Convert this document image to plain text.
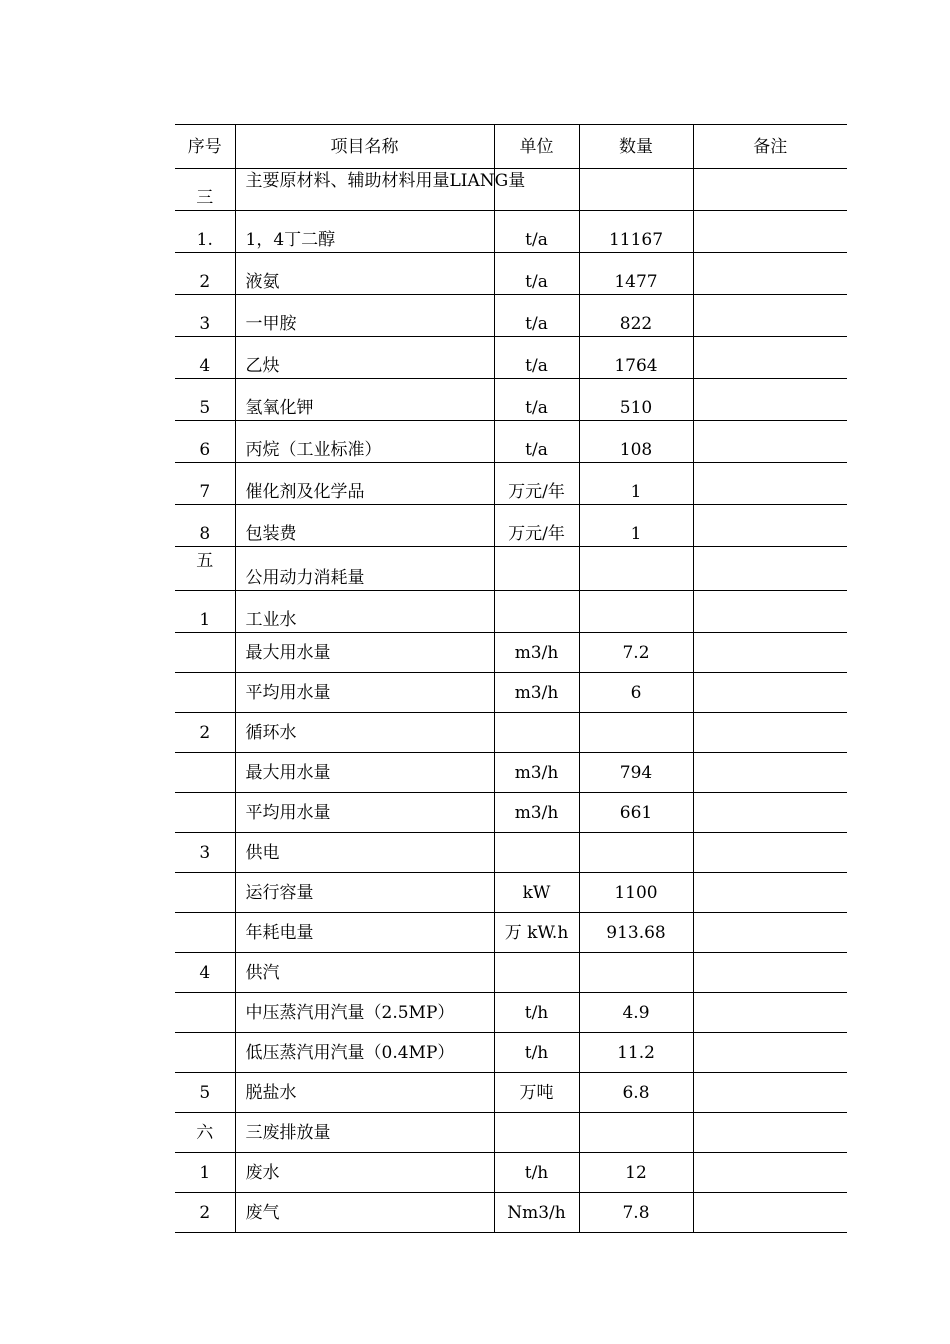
序号	项目名称	单位	数量	备注
三	主要原材料、辅助材料用量LIANG量			

1.	1，4丁二醇	t/a	11167	
2	液氨	t/a	1477	
3	一甲胺	t/a	822	
4	乙炔	t/a	1764	
5	氢氧化钾	t/a	510	
6	丙烷（工业标准）	t/a	108	
7	催化剂及化学品	万元/年	1	
8	包装费	万元/年	1	
五	公用动力消耗量			
1	工业水			
	最大用水量	m3/h	7.2	
	平均用水量	m3/h	6	
2	循环水			
	最大用水量	m3/h	794	
	平均用水量	m3/h	661	
3	供电			
	运行容量	kW	1100	
	年耗电量	万 kW.h	913.68	
4	供汽			
	中压蒸汽用汽量（2.5MP）	t/h	4.9	
	低压蒸汽用汽量（0.4MP）	t/h	11.2	
5	脱盐水	万吨	6.8	
六	三废排放量			
1	废水	t/h	12	
2	废气	Nm3/h	7.8	
